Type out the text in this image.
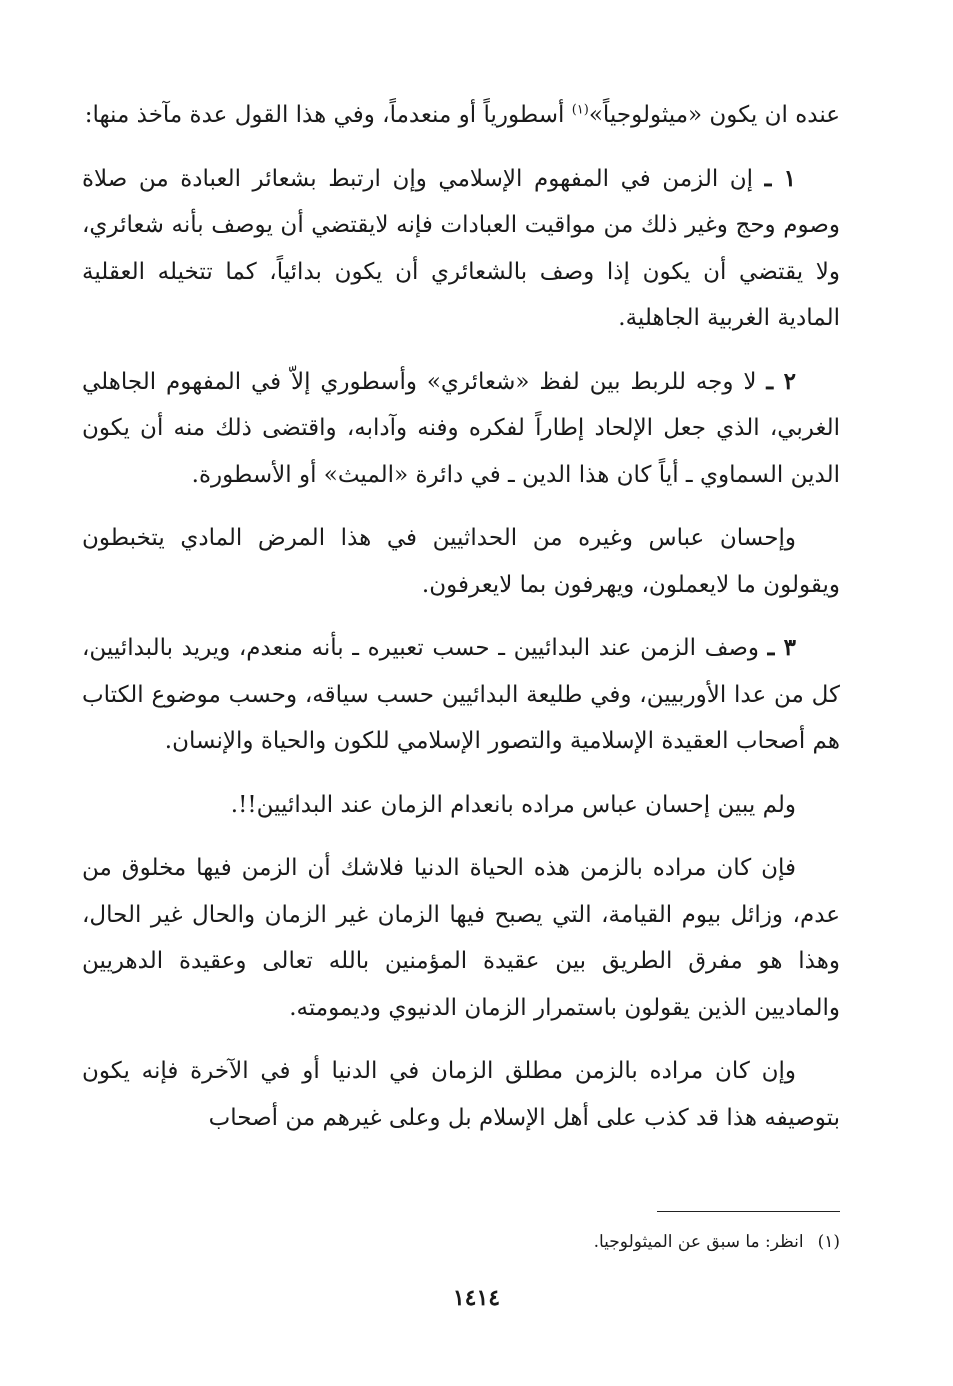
عنده ان يكون «ميثولوجياً»$^{(١)}$ أسطورياً أو منعدماً، وفي هذا القول عدة مآخذ منها:

١ ـ إن الزمن في المفهوم الإسلامي وإن ارتبط بشعائر العبادة من صلاة وصوم وحج وغير ذلك من مواقيت العبادات فإنه لايقتضي أن يوصف بأنه شعائري، ولا يقتضي أن يكون إذا وصف بالشعائري أن يكون بدائياً، كما تتخيله العقلية المادية الغربية الجاهلية.

٢ ـ لا وجه للربط بين لفظ «شعائري» وأسطوري إلاّ في المفهوم الجاهلي الغربي، الذي جعل الإلحاد إطاراً لفكره وفنه وآدابه، واقتضى ذلك منه أن يكون الدين السماوي ـ أياً كان هذا الدين ـ في دائرة «الميث» أو الأسطورة.

وإحسان عباس وغيره من الحداثيين في هذا المرض المادي يتخبطون ويقولون ما لايعملون، ويهرفون بما لايعرفون.

٣ ـ وصف الزمن عند البدائيين ـ حسب تعبيره ـ بأنه منعدم، ويريد بالبدائيين، كل من عدا الأوربيين، وفي طليعة البدائيين حسب سياقه، وحسب موضوع الكتاب هم أصحاب العقيدة الإسلامية والتصور الإسلامي للكون والحياة والإنسان.

ولم يبين إحسان عباس مراده بانعدام الزمان عند البدائيين!!.

فإن كان مراده بالزمن هذه الحياة الدنيا فلاشك أن الزمن فيها مخلوق من عدم، وزائل بيوم القيامة، التي يصبح فيها الزمان غير الزمان والحال غير الحال، وهذا هو مفرق الطريق بين عقيدة المؤمنين بالله تعالى وعقيدة الدهريين والماديين الذين يقولون باستمرار الزمان الدنيوي وديمومته.

وإن كان مراده بالزمن مطلق الزمان في الدنيا أو في الآخرة فإنه يكون بتوصيفه هذا قد كذب على أهل الإسلام بل وعلى غيرهم من أصحاب

(١)انظر: ما سبق عن الميثولوجيا.
١٤١٤
